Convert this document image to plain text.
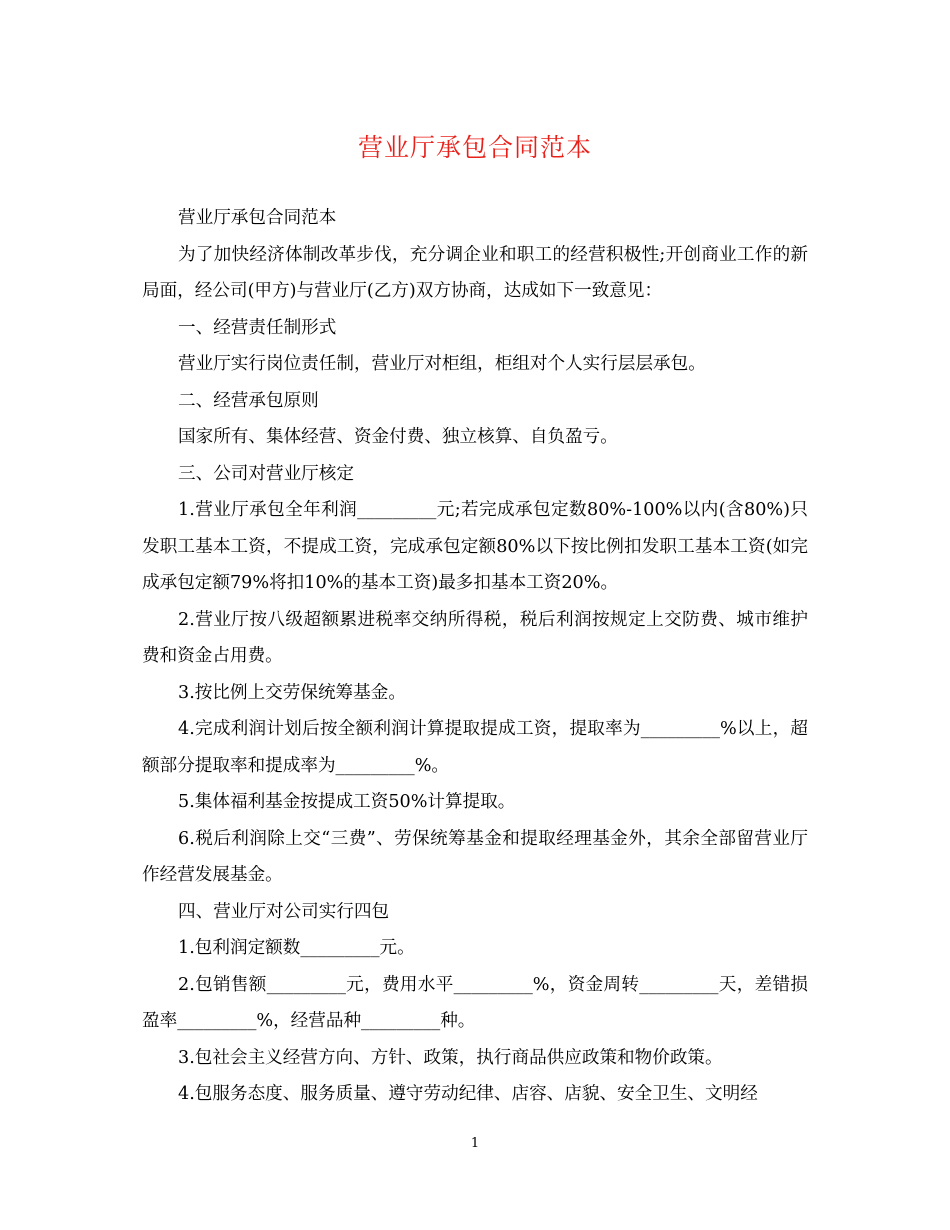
营业厅承包合同范本

营业厅承包合同范本

为了加快经济体制改革步伐，充分调企业和职工的经营积极性;开创商业工作的新局面，经公司(甲方)与营业厅(乙方)双方协商，达成如下一致意见：

一、经营责任制形式

营业厅实行岗位责任制，营业厅对柜组，柜组对个人实行层层承包。

二、经营承包原则

国家所有、集体经营、资金付费、独立核算、自负盈亏。

三、公司对营业厅核定

1.营业厅承包全年利润_________元;若完成承包定数80%-100%以内(含80%)只发职工基本工资，不提成工资，完成承包定额80%以下按比例扣发职工基本工资(如完成承包定额79%将扣10%的基本工资)最多扣基本工资20%。

2.营业厅按八级超额累进税率交纳所得税，税后利润按规定上交防费、城市维护费和资金占用费。

3.按比例上交劳保统筹基金。

4.完成利润计划后按全额利润计算提取提成工资，提取率为_________%以上，超额部分提取率和提成率为_________%。

5.集体福利基金按提成工资50%计算提取。

6.税后利润除上交“三费”、劳保统筹基金和提取经理基金外，其余全部留营业厅作经营发展基金。

四、营业厅对公司实行四包

1.包利润定额数_________元。

2.包销售额_________元，费用水平_________%，资金周转_________天，差错损盈率_________%，经营品种_________种。

3.包社会主义经营方向、方针、政策，执行商品供应政策和物价政策。

4.包服务态度、服务质量、遵守劳动纪律、店容、店貌、安全卫生、文明经

1
